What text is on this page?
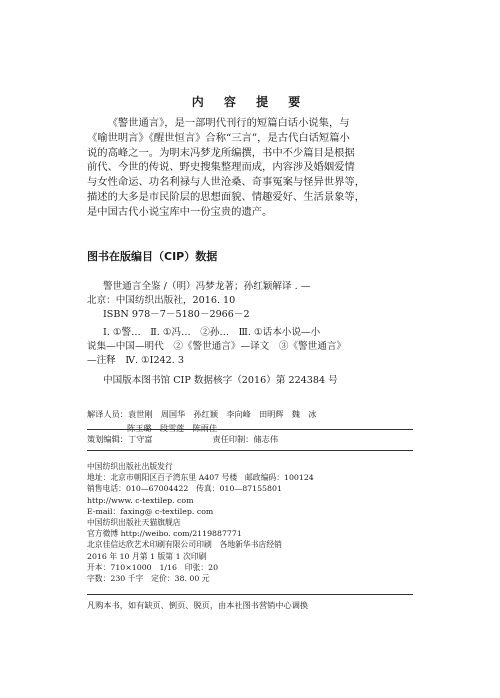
内 容 提 要

《警世通言》，是一部明代刊行的短篇白话小说集，与

《喻世明言》《醒世恒言》合称“三言”，是古代白话短篇小

说的高峰之一。为明末冯梦龙所编撰，书中不少篇目是根据

前代、今世的传说、野史搜集整理而成，内容涉及婚姻爱情

与女性命运、功名利禄与人世沧桑、奇事冤案与怪异世界等，

描述的大多是市民阶层的思想面貌、情趣爱好、生活景象等，

是中国古代小说宝库中一份宝贵的遗产。

图书在版编目（CIP）数据
警世通言全鉴 /（明）冯梦龙著；孙红颖解译 . —
北京：中国纺织出版社，2016. 10
ISBN 978－7－5180－2966－2
Ⅰ. ①警…　Ⅱ. ①冯…　②孙…　Ⅲ. ①话本小说—小
说集—中国—明代　②《警世通言》—译文　③《警世通言》
—注释　Ⅳ. ①I242. 3
中国版本图书馆 CIP 数据核字（2016）第 224384 号
解译人员：袁世刚　周国华　孙红颖　李向峰　田明辉　魏　冰
陈玉璐　段雪莲　陈雨佳
策划编辑：丁守富	责任印制：储志伟
中国纺织出版社出版发行
地址：北京市朝阳区百子湾东里 A407 号楼　邮政编码：100124
销售电话：010—67004422　传真：010—87155801
http://www. c-textilep. com
E-mail：faxing@ c-textilep. com
中国纺织出版社天猫旗舰店
官方微博 http://weibo. com/2119887771
北京佳信达欣艺术印刷有限公司印刷　各地新华书店经销
2016 年 10 月第 1 版第 1 次印刷
开本：710×1000　1/16　印张：20
字数：230 千字　定价：38. 00 元
凡购本书，如有缺页、倒页、脱页，由本社图书营销中心调换
